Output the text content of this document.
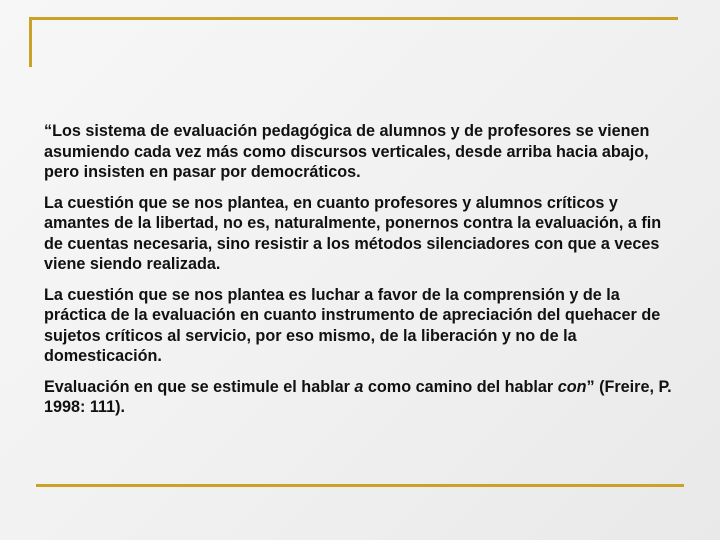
“Los sistema de evaluación pedagógica de alumnos y de profesores se vienen asumiendo cada vez más como discursos verticales, desde arriba hacia abajo, pero insisten en pasar por democráticos.

La cuestión que se nos plantea, en cuanto profesores y alumnos críticos y amantes de la libertad, no es, naturalmente, ponernos contra la evaluación, a fin de cuentas necesaria, sino resistir a los métodos silenciadores con que a veces viene siendo realizada.

La cuestión que se nos plantea es luchar a favor de la comprensión y de la práctica de la evaluación en cuanto instrumento de apreciación del quehacer de sujetos críticos al servicio, por eso mismo, de la liberación y no de la domesticación.

Evaluación en que se estimule el hablar a como camino del hablar con” (Freire, P. 1998: 111).
